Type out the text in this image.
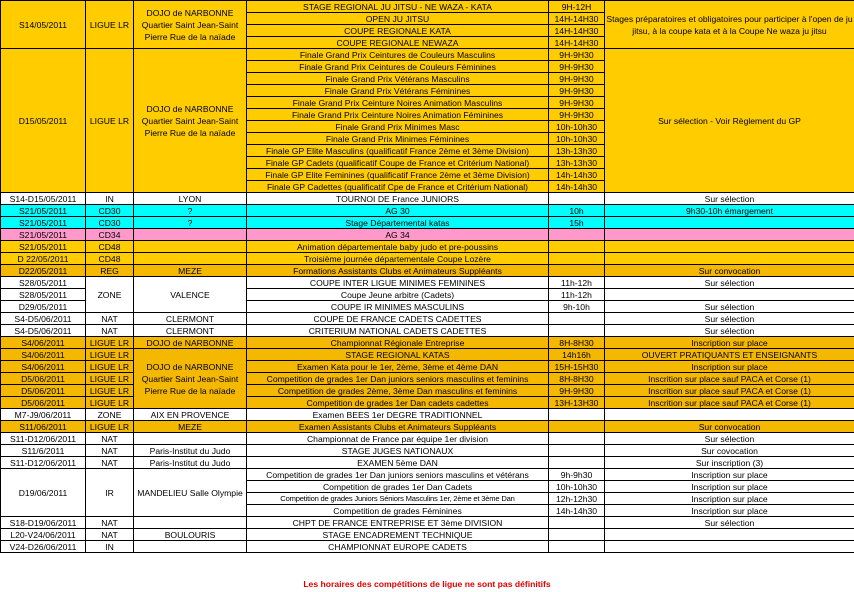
S14/05/2011	LIGUE LR	DOJO de NARBONNE Quartier Saint Jean-Saint Pierre Rue de la naïade	STAGE REGIONAL JU JITSU - NE WAZA - KATA	9H-12H	Stages préparatoires et obligatoires pour participer à l'open de ju jitsu, à la coupe kata et à la Coupe Ne waza ju jitsu
			OPEN JU JITSU	14H-14H30	
			COUPE REGIONALE KATA	14H-14H30	
			COUPE REGIONALE NEWAZA	14H-14H30	
D15/05/2011	LIGUE LR	DOJO de NARBONNE Quartier Saint Jean-Saint Pierre Rue de la naïade	Finale Grand Prix Ceintures de Couleurs Masculins	9H-9H30	Sur sélection - Voir Règlement du GP
			Finale Grand Prix Ceintures de Couleurs Féminines	9H-9H30	
			Finale Grand Prix Vétérans Masculins	9H-9H30	
			Finale Grand Prix Vétérans Féminines	9H-9H30	
			Finale Grand Prix Ceinture Noires Animation Masculins	9H-9H30	
			Finale Grand Prix Ceinture Noires Animation Féminines	9H-9H30	
			Finale Grand Prix Minimes Masc	10h-10h30	
			Finale Grand Prix Minimes Féminines	10h-10h30	
			Finale GP Elite Masculins (qualificatif France 2ème et 3ème Division)	13h-13h30	
			Finale GP Cadets (qualificatif Coupe de France et Critérium National)	13h-13h30	
			Finale GP Elite Feminines (qualificatif France 2ème et 3ème Division)	14h-14h30	
			Finale GP Cadettes (qualificatif Cpe de France et Critérium National)	14h-14h30	
S14-D15/05/2011	IN	LYON	TOURNOI DE France JUNIORS		Sur sélection
S21/05/2011	CD30	?	AG 30	10h	9h30-10h émargement
S21/05/2011	CD30	?	Stage Départemental katas	15h	
S21/05/2011	CD34		AG 34		
S21/05/2011	CD48		Animation départementale baby judo et pre-poussins		
D 22/05/2011	CD48		Troisième journée départementale Coupe Lozère		
D22/05/2011	REG	MEZE	Formations Assistants Clubs et Animateurs Suppléants		Sur convocation
S28/05/2011	ZONE	VALENCE	COUPE INTER LIGUE MINIMES FEMININES	11h-12h	Sur sélection
S28/05/2011			Coupe Jeune arbitre (Cadets)	11h-12h	
D29/05/2011			COUPE IR MINIMES MASCULINS	9h-10h	Sur sélection
S4-D5/06/2011	NAT	CLERMONT	COUPE DE FRANCE CADETS CADETTES		Sur sélection
S4-D5/06/2011	NAT	CLERMONT	CRITERIUM NATIONAL CADETS CADETTES		Sur sélection
S4/06/2011	LIGUE LR	DOJO de NARBONNE	Championnat Régionale Entreprise	8H-8H30	Inscription sur place
S4/06/2011	LIGUE LR	DOJO de NARBONNE Quartier Saint Jean-Saint Pierre Rue de la naïade	STAGE REGIONAL KATAS	14h16h	OUVERT PRATIQUANTS ET ENSEIGNANTS
S4/06/2011	LIGUE LR		Examen Kata pour le 1er, 2ème, 3ème et 4ème DAN	15H-15H30	Inscription sur place
D5/06/2011	LIGUE LR		Competition de grades 1er Dan juniors seniors masculins et feminins	8H-8H30	Inscrition sur place sauf PACA et Corse (1)
D5/06/2011	LIGUE LR		Competition de grades 2ème, 3ème Dan masculins et feminins	9H-9H30	Inscrition sur place sauf PACA et Corse (1)
D5/06/2011	LIGUE LR		Competition de grades 1er Dan cadets cadettes	13H-13H30	Inscrition sur place sauf PACA et Corse (1)
M7-J9/06/2011	ZONE	AIX EN PROVENCE	Examen BEES 1er DEGRE TRADITIONNEL		
S11/06/2011	LIGUE LR	MEZE	Examen Assistants Clubs et Animateurs Suppléants		Sur convocation
S11-D12/06/2011	NAT		Championnat de France par équipe 1er division		Sur sélection
S11/6/2011	NAT	Paris-Institut du Judo	STAGE JUGES NATIONAUX		Sur covocation
S11-D12/06/2011	NAT	Paris-Institut du Judo	EXAMEN 5ème DAN		Sur inscription (3)
D19/06/2011	IR	MANDELIEU Salle Olympie	Competition de grades 1er Dan juniors seniors masculins et vétérans	9h-9h30	Inscription sur place
			Competition de grades 1er Dan Cadets	10h-10h30	Inscription sur place
			Competition de grades Juniors Séniors Masculins 1er, 2ème et 3ème Dan	12h-12h30	Inscription sur place
			Competition de grades Féminines	14h-14h30	Inscription sur place
S18-D19/06/2011	NAT		CHPT DE FRANCE ENTREPRISE ET 3ème DIVISION		Sur sélection
L20-V24/06/2011	NAT	BOULOURIS	STAGE ENCADREMENT TECHNIQUE		
V24-D26/06/2011	IN		CHAMPIONNAT EUROPE CADETS		
Les horaires des compétitions de ligue ne sont pas définitifs
